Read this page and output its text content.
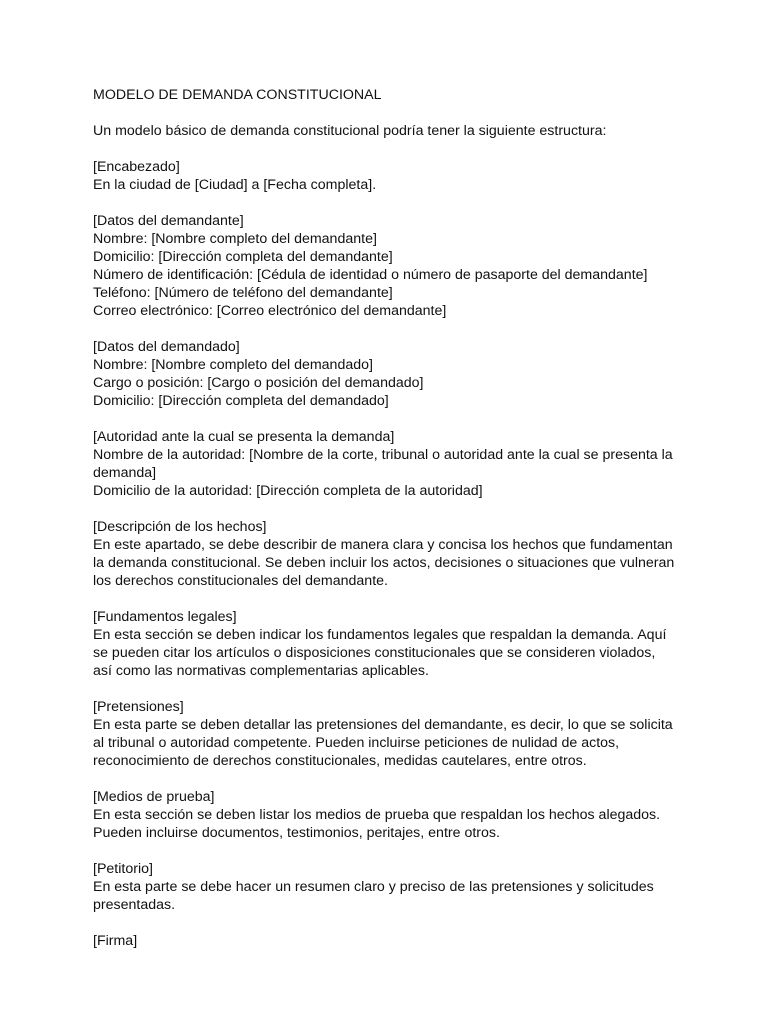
MODELO DE DEMANDA CONSTITUCIONAL

Un modelo básico de demanda constitucional podría tener la siguiente estructura:

[Encabezado]

En la ciudad de [Ciudad] a [Fecha completa].

[Datos del demandante]

Nombre: [Nombre completo del demandante]

Domicilio: [Dirección completa del demandante]

Número de identificación: [Cédula de identidad o número de pasaporte del demandante]

Teléfono: [Número de teléfono del demandante]

Correo electrónico: [Correo electrónico del demandante]

[Datos del demandado]

Nombre: [Nombre completo del demandado]

Cargo o posición: [Cargo o posición del demandado]

Domicilio: [Dirección completa del demandado]

[Autoridad ante la cual se presenta la demanda]

Nombre de la autoridad: [Nombre de la corte, tribunal o autoridad ante la cual se presenta la

demanda]

Domicilio de la autoridad: [Dirección completa de la autoridad]

[Descripción de los hechos]

En este apartado, se debe describir de manera clara y concisa los hechos que fundamentan

la demanda constitucional. Se deben incluir los actos, decisiones o situaciones que vulneran

los derechos constitucionales del demandante.

[Fundamentos legales]

En esta sección se deben indicar los fundamentos legales que respaldan la demanda. Aquí

se pueden citar los artículos o disposiciones constitucionales que se consideren violados,

así como las normativas complementarias aplicables.

[Pretensiones]

En esta parte se deben detallar las pretensiones del demandante, es decir, lo que se solicita

al tribunal o autoridad competente. Pueden incluirse peticiones de nulidad de actos,

reconocimiento de derechos constitucionales, medidas cautelares, entre otros.

[Medios de prueba]

En esta sección se deben listar los medios de prueba que respaldan los hechos alegados.

Pueden incluirse documentos, testimonios, peritajes, entre otros.

[Petitorio]

En esta parte se debe hacer un resumen claro y preciso de las pretensiones y solicitudes

presentadas.

[Firma]
